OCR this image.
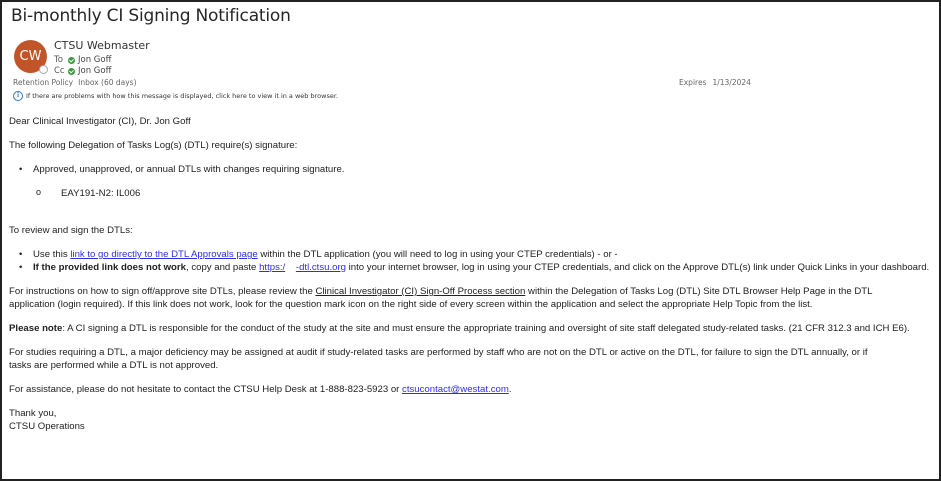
Bi-monthly CI Signing Notification
CW
CTSU Webmaster
To	Jon Goff
Cc	Jon Goff
Retention Policy Inbox (60 days)	Expires 1/13/2024
i	If there are problems with how this message is displayed, click here to view it in a web browser.

Dear Clinical Investigator (CI), Dr. Jon Goff

The following Delegation of Tasks Log(s) (DTL) require(s) signature:

• Approved, unapproved, or annual DTLs with changes requiring signature.

o EAY191-N2: IL006

To review and sign the DTLs:

• Use this link to go directly to the DTL Approvals page within the DTL application (you will need to log in using your CTEP credentials) - or -

• If the provided link does not work, copy and paste https:/ -dtl.ctsu.org into your internet browser, log in using your CTEP credentials, and click on the Approve DTL(s) link under Quick Links in your dashboard.

For instructions on how to sign off/approve site DTLs, please review the Clinical Investigator (CI) Sign-Off Process section within the Delegation of Tasks Log (DTL) Site DTL Browser Help Page in the DTL

application (login required). If this link does not work, look for the question mark icon on the right side of every screen within the application and select the appropriate Help Topic from the list.

Please note: A CI signing a DTL is responsible for the conduct of the study at the site and must ensure the appropriate training and oversight of site staff delegated study-related tasks. (21 CFR 312.3 and ICH E6).

For studies requiring a DTL, a major deficiency may be assigned at audit if study-related tasks are performed by staff who are not on the DTL or active on the DTL, for failure to sign the DTL annually, or if

tasks are performed while a DTL is not approved.

For assistance, please do not hesitate to contact the CTSU Help Desk at 1-888-823-5923 or ctsucontact@westat.com.

Thank you,

CTSU Operations
